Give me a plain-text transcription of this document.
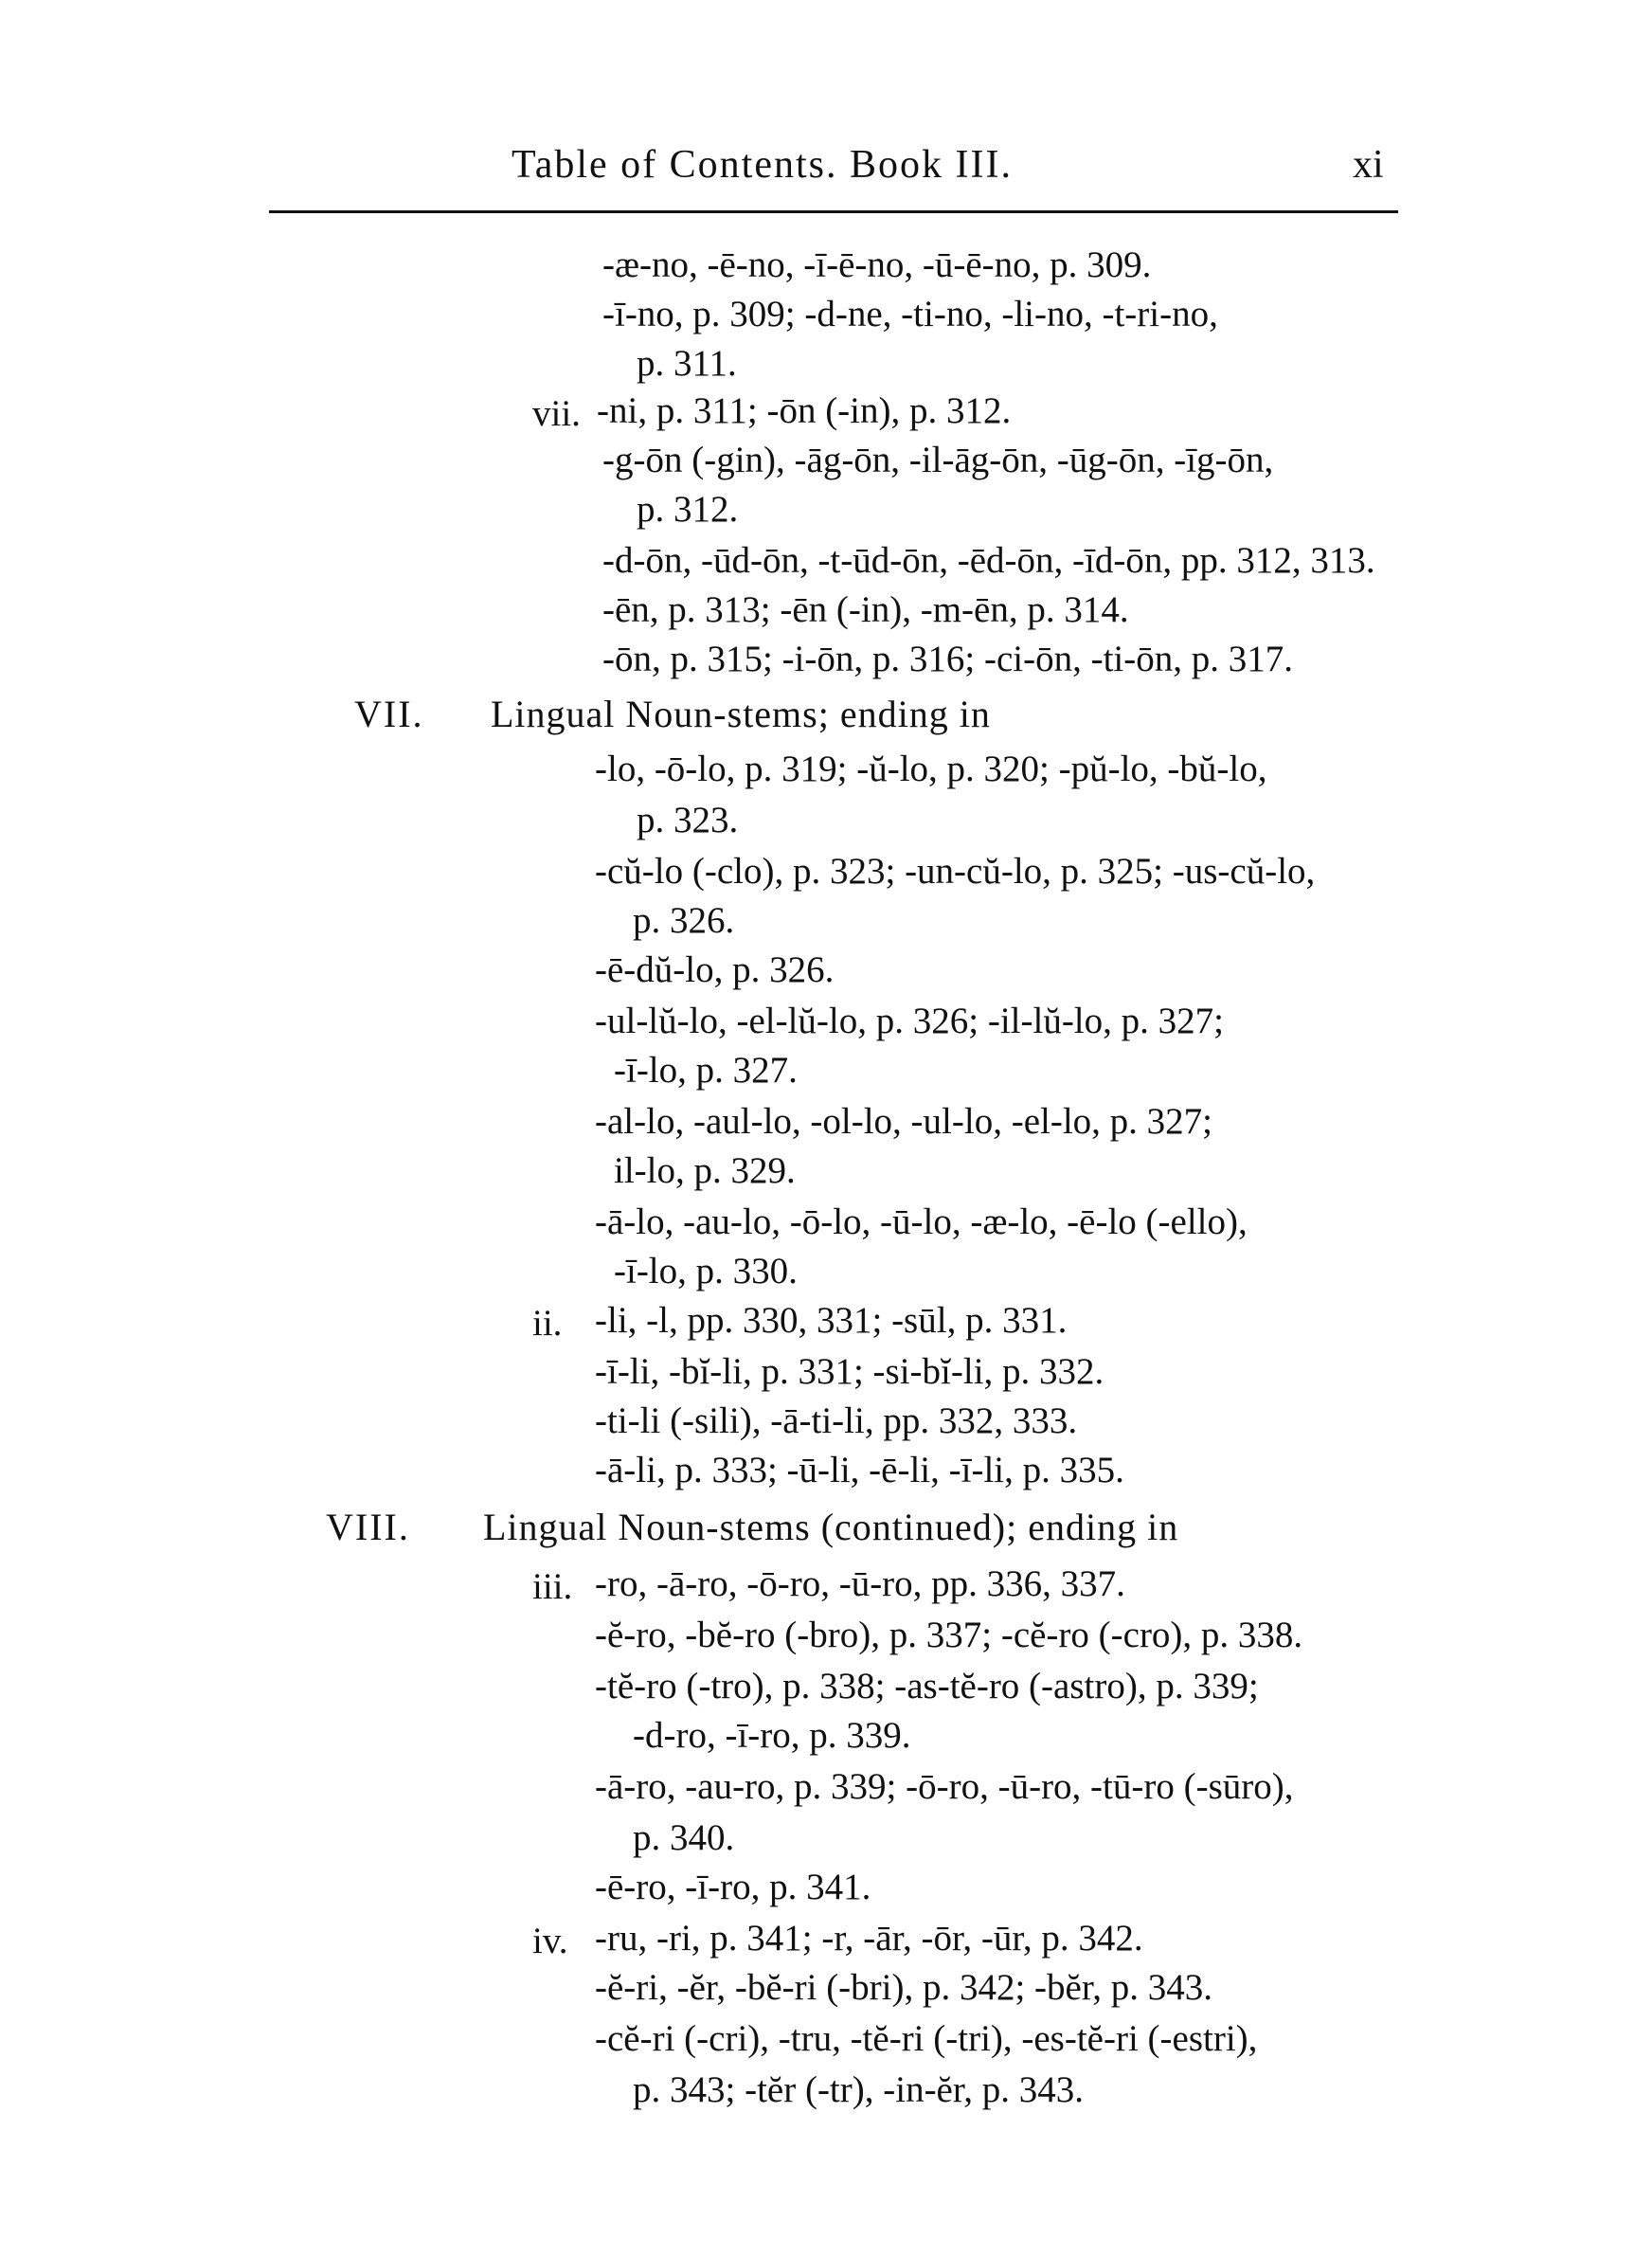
Table of Contents. Book III.	xi
-æ-no, -ē-no, -ī-ē-no, -ū-ē-no, p. 309.
-ī-no, p. 309; -d-ne, -ti-no, -li-no, -t-ri-no,
p. 311.
vii. -ni, p. 311; -ōn (-in), p. 312.
-g-ōn (-gin), -āg-ōn, -il-āg-ōn, -ūg-ōn, -īg-ōn,
p. 312.
-d-ōn, -ūd-ōn, -t-ūd-ōn, -ēd-ōn, -īd-ōn, pp. 312, 313.
-ēn, p. 313; -ēn (-in), -m-ēn, p. 314.
-ōn, p. 315; -i-ōn, p. 316; -ci-ōn, -ti-ōn, p. 317.
VII. Lingual Noun-stems; ending in
-lo, -ō-lo, p. 319; -ŭ-lo, p. 320; -pŭ-lo, -bŭ-lo,
p. 323.
-cŭ-lo (-clo), p. 323; -un-cŭ-lo, p. 325; -us-cŭ-lo,
p. 326.
-ē-dŭ-lo, p. 326.
-ul-lŭ-lo, -el-lŭ-lo, p. 326; -il-lŭ-lo, p. 327;
-ī-lo, p. 327.
-al-lo, -aul-lo, -ol-lo, -ul-lo, -el-lo, p. 327;
il-lo, p. 329.
-ā-lo, -au-lo, -ō-lo, -ū-lo, -æ-lo, -ē-lo (-ello),
-ī-lo, p. 330.
ii. -li, -l, pp. 330, 331; -sūl, p. 331.
-ī-li, -bĭ-li, p. 331; -si-bĭ-li, p. 332.
-ti-li (-sili), -ā-ti-li, pp. 332, 333.
-ā-li, p. 333; -ū-li, -ē-li, -ī-li, p. 335.
VIII. Lingual Noun-stems (continued); ending in
iii. -ro, -ā-ro, -ō-ro, -ū-ro, pp. 336, 337.
-ĕ-ro, -bĕ-ro (-bro), p. 337; -cĕ-ro (-cro), p. 338.
-tĕ-ro (-tro), p. 338; -as-tĕ-ro (-astro), p. 339;
-d-ro, -ī-ro, p. 339.
-ā-ro, -au-ro, p. 339; -ō-ro, -ū-ro, -tū-ro (-sūro),
p. 340.
-ē-ro, -ī-ro, p. 341.
iv. -ru, -ri, p. 341; -r, -ār, -ōr, -ūr, p. 342.
-ĕ-ri, -ĕr, -bĕ-ri (-bri), p. 342; -bĕr, p. 343.
-cĕ-ri (-cri), -tru, -tĕ-ri (-tri), -es-tĕ-ri (-estri),
p. 343; -tĕr (-tr), -in-ĕr, p. 343.
